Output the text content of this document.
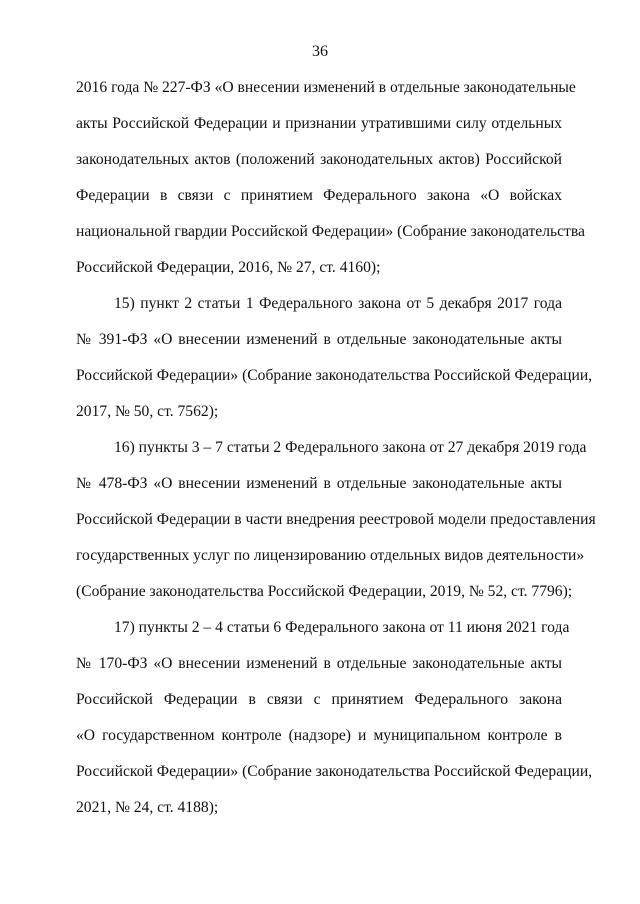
36
2016 года № 227-ФЗ «О внесении изменений в отдельные законодательные
акты Российской Федерации и признании утратившими силу отдельных
законодательных актов (положений законодательных актов) Российской
Федерации в связи с принятием Федерального закона «О войсках
национальной гвардии Российской Федерации» (Собрание законодательства
Российской Федерации, 2016, № 27, ст. 4160);
15) пункт 2 статьи 1 Федерального закона от 5 декабря 2017 года
№ 391-ФЗ «О внесении изменений в отдельные законодательные акты
Российской Федерации» (Собрание законодательства Российской Федерации,
2017, № 50, ст. 7562);
16) пункты 3 – 7 статьи 2 Федерального закона от 27 декабря 2019 года
№ 478-ФЗ «О внесении изменений в отдельные законодательные акты
Российской Федерации в части внедрения реестровой модели предоставления
государственных услуг по лицензированию отдельных видов деятельности»
(Собрание законодательства Российской Федерации, 2019, № 52, ст. 7796);
17) пункты 2 – 4 статьи 6 Федерального закона от 11 июня 2021 года
№ 170-ФЗ «О внесении изменений в отдельные законодательные акты
Российской Федерации в связи с принятием Федерального закона
«О государственном контроле (надзоре) и муниципальном контроле в
Российской Федерации» (Собрание законодательства Российской Федерации,
2021, № 24, ст. 4188);
